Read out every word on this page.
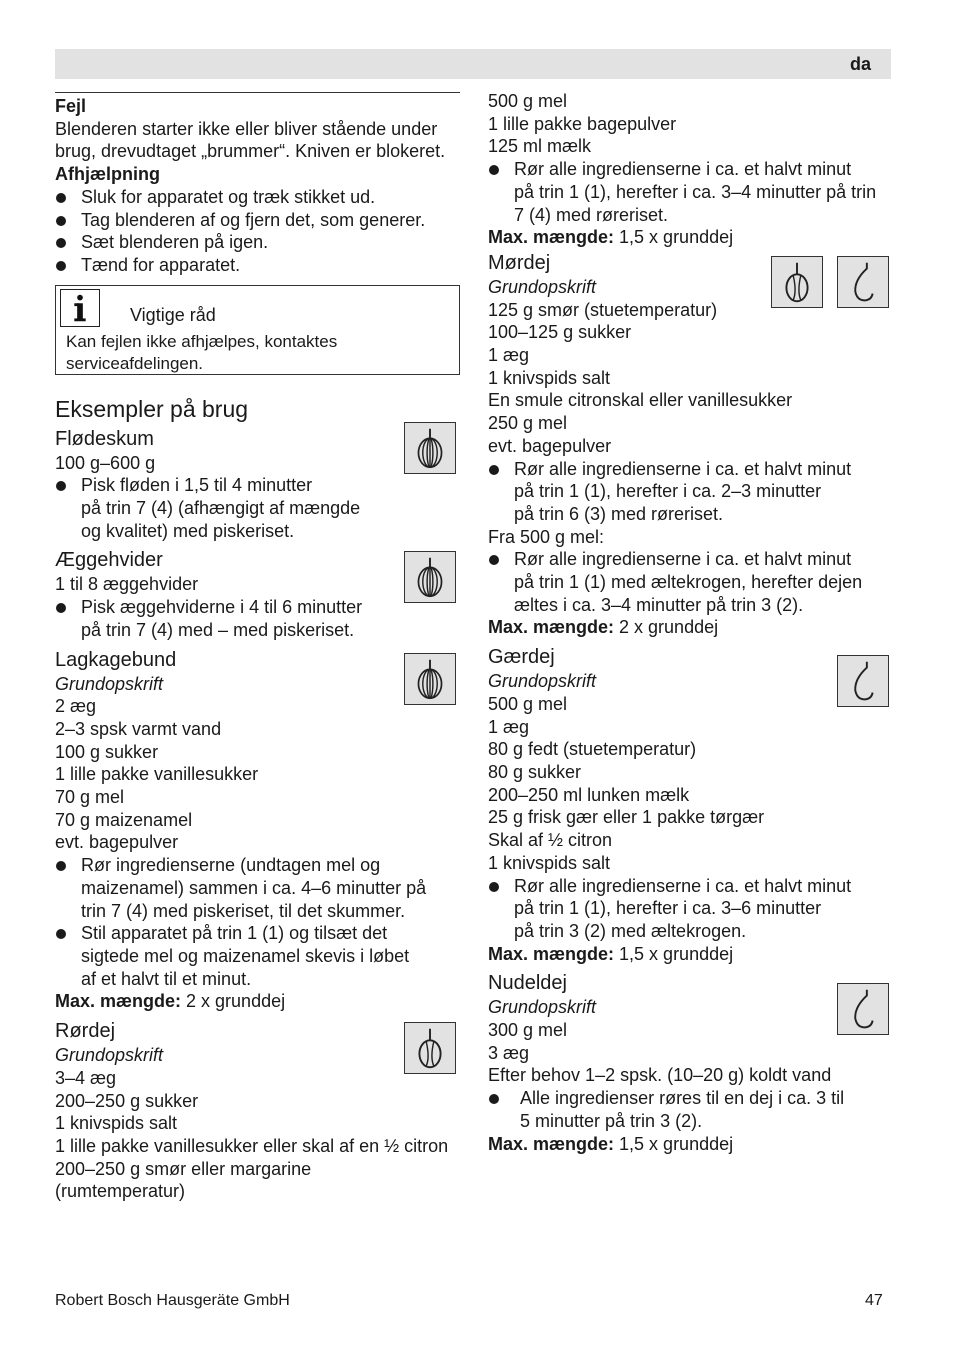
da
Fejl
Blenderen starter ikke eller bliver stående under
brug, drevudtaget „brummer“. Kniven er blokeret.
Afhjælpning
Sluk for apparatet og træk stikket ud.
Tag blenderen af og fjern det, som generer.
Sæt blenderen på igen.
Tænd for apparatet.
Vigtige råd
Kan fejlen ikke afhjælpes, kontaktes
serviceafdelingen.
Eksempler på brug
Flødeskum
100 g–600 g
Pisk fløden i 1,5 til 4 minutter
på trin 7 (4) (afhængigt af mængde
og kvalitet) med piskeriset.
Æggehvider
1 til 8 æggehvider
Pisk æggehviderne i 4 til 6 minutter
på trin 7 (4) med – med piskeriset.
Lagkagebund
Grundopskrift
2 æg
2–3 spsk varmt vand
100 g sukker
1 lille pakke vanillesukker
70 g mel
70 g maizenamel
evt. bagepulver
Rør ingredienserne (undtagen mel og
maizenamel) sammen i ca. 4–6 minutter på
trin 7 (4) med piskeriset, til det skummer.
Stil apparatet på trin 1 (1) og tilsæt det
sigtede mel og maizenamel skevis i løbet
af et halvt til et minut.
Max. mængde: 2 x grunddej
Rørdej
Grundopskrift
3–4 æg
200–250 g sukker
1 knivspids salt
1 lille pakke vanillesukker eller skal af en ½ citron
200–250 g smør eller margarine
(rumtemperatur)
500 g mel
1 lille pakke bagepulver
125 ml mælk
Rør alle ingredienserne i ca. et halvt minut
på trin 1 (1), herefter i ca. 3–4 minutter på trin
7 (4) med røreriset.
Max. mængde: 1,5 x grunddej
Mørdej
Grundopskrift
125 g smør (stuetemperatur)
100–125 g sukker
1 æg
1 knivspids salt
En smule citronskal eller vanillesukker
250 g mel
evt. bagepulver
Rør alle ingredienserne i ca. et halvt minut
på trin 1 (1), herefter i ca. 2–3 minutter
på trin 6 (3) med røreriset.
Fra 500 g mel:
Rør alle ingredienserne i ca. et halvt minut
på trin 1 (1) med æltekrogen, herefter dejen
æltes i ca. 3–4 minutter på trin 3 (2).
Max. mængde: 2 x grunddej
Gærdej
Grundopskrift
500 g mel
1 æg
80 g fedt (stuetemperatur)
80 g sukker
200–250 ml lunken mælk
25 g frisk gær eller 1 pakke tørgær
Skal af ½ citron
1 knivspids salt
Rør alle ingredienserne i ca. et halvt minut
på trin 1 (1), herefter i ca. 3–6 minutter
på trin 3 (2) med æltekrogen.
Max. mængde: 1,5 x grunddej
Nudeldej
Grundopskrift
300 g mel
3 æg
Efter behov 1–2 spsk. (10–20 g) koldt vand
Alle ingredienser røres til en dej i ca. 3 til
5 minutter på trin 3 (2).
Max. mængde: 1,5 x grunddej
Robert Bosch Hausgeräte GmbH	47
